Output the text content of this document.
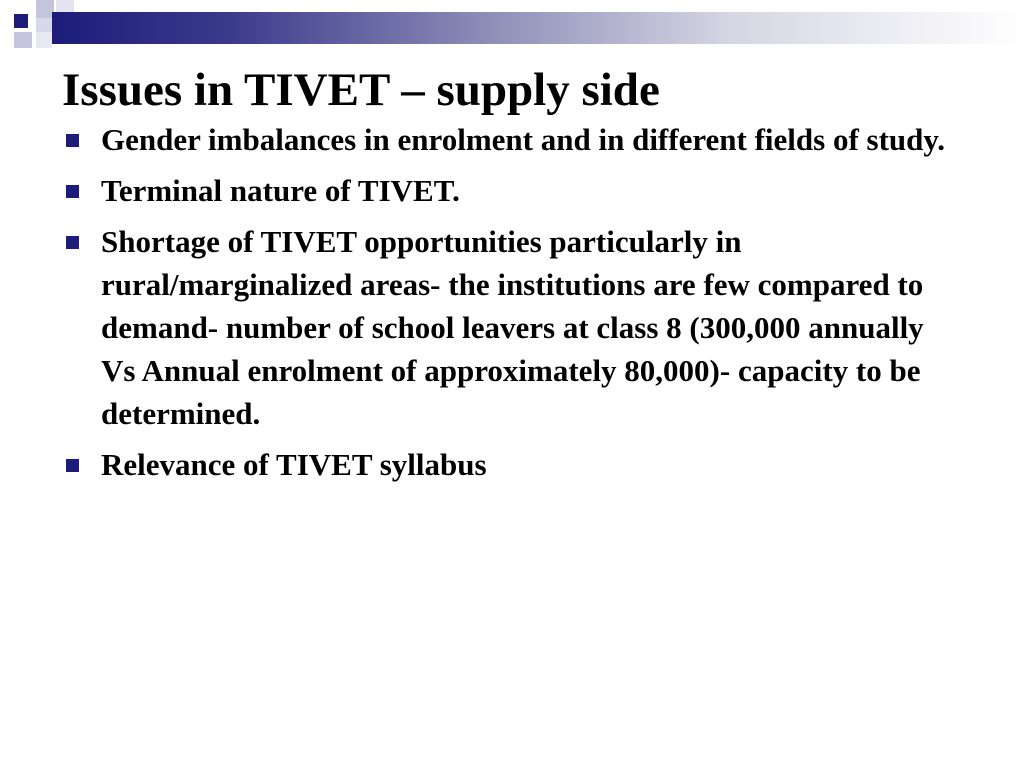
Issues in TIVET – supply side
Gender imbalances in enrolment and in different fields of study.
Terminal nature of TIVET.
Shortage of TIVET opportunities particularly in rural/marginalized areas- the institutions are few compared to demand- number of school leavers at class 8 (300,000 annually Vs Annual enrolment of approximately 80,000)- capacity to be determined.
Relevance of TIVET syllabus
